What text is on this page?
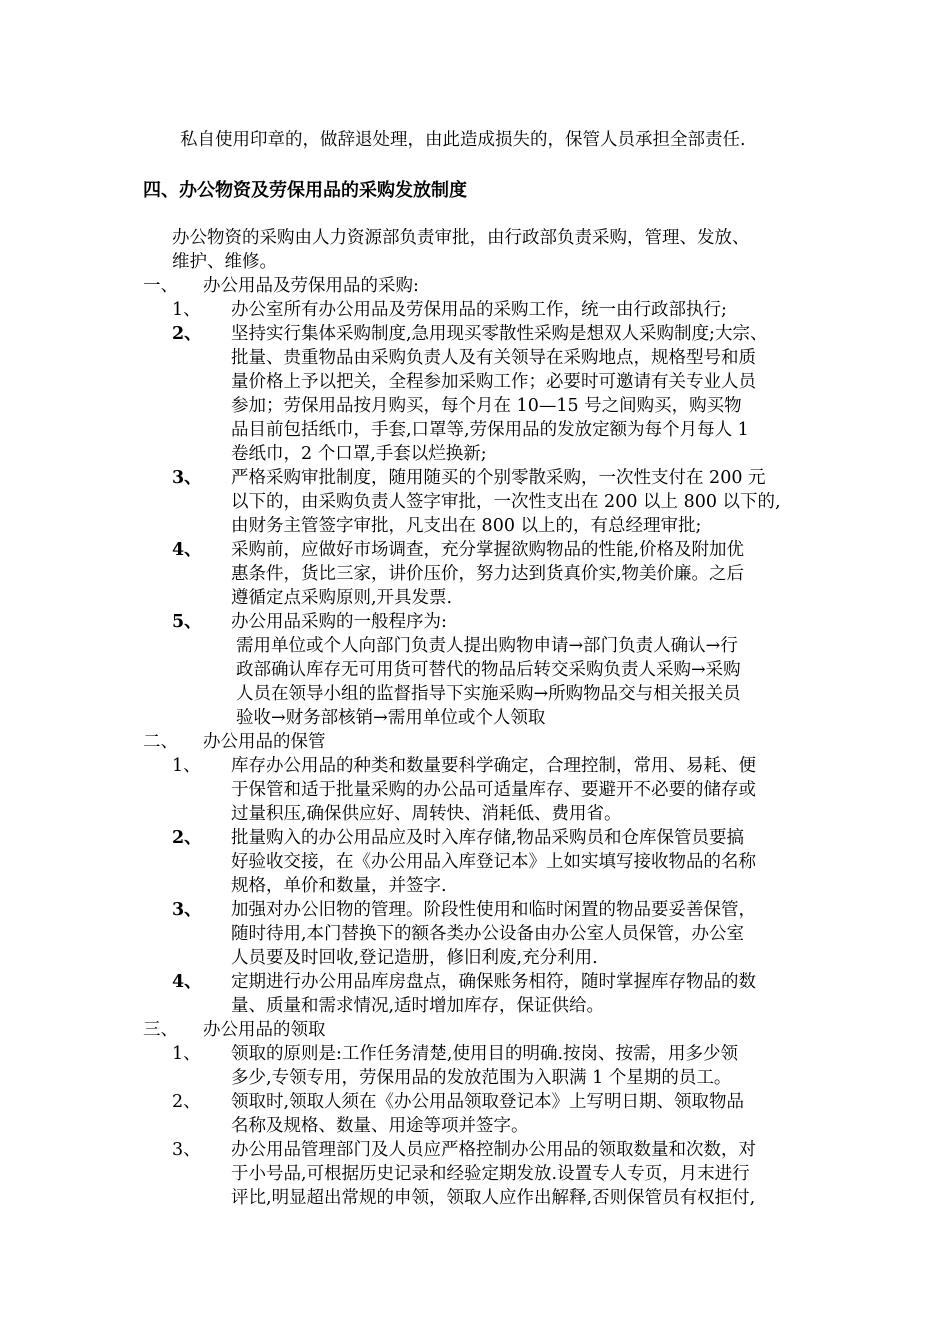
私自使用印章的，做辞退处理，由此造成损失的，保管人员承担全部责任.
四、办公物资及劳保用品的采购发放制度
办公物资的采购由人力资源部负责审批，由行政部负责采购，管理、发放、
维护、维修。
一、 办公用品及劳保用品的采购:
1、 办公室所有办公用品及劳保用品的采购工作，统一由行政部执行;
2、 坚持实行集体采购制度,急用现买零散性采购是想双人采购制度;大宗、
批量、贵重物品由采购负责人及有关领导在采购地点，规格型号和质
量价格上予以把关，全程参加采购工作；必要时可邀请有关专业人员
参加；劳保用品按月购买，每个月在 10—15 号之间购买，购买物
品目前包括纸巾，手套,口罩等,劳保用品的发放定额为每个月每人 1
卷纸巾，2 个口罩,手套以烂换新;
3、 严格采购审批制度，随用随买的个别零散采购，一次性支付在 200 元
以下的，由采购负责人签字审批，一次性支出在 200 以上 800 以下的,
由财务主管签字审批，凡支出在 800 以上的，有总经理审批;
4、 采购前，应做好市场调查，充分掌握欲购物品的性能,价格及附加优
惠条件，货比三家，讲价压价，努力达到货真价实,物美价廉。之后
遵循定点采购原则,开具发票.
5、 办公用品采购的一般程序为:
需用单位或个人向部门负责人提出购物申请→部门负责人确认→行
政部确认库存无可用货可替代的物品后转交采购负责人采购→采购
人员在领导小组的监督指导下实施采购→所购物品交与相关报关员
验收→财务部核销→需用单位或个人领取
二、 办公用品的保管
1、 库存办公用品的种类和数量要科学确定，合理控制，常用、易耗、便
于保管和适于批量采购的办公品可适量库存、要避开不必要的储存或
过量积压,确保供应好、周转快、消耗低、费用省。
2、 批量购入的办公用品应及时入库存储,物品采购员和仓库保管员要搞
好验收交接，在《办公用品入库登记本》上如实填写接收物品的名称
规格，单价和数量，并签字.
3、 加强对办公旧物的管理。阶段性使用和临时闲置的物品要妥善保管，
随时待用,本门替换下的额各类办公设备由办公室人员保管，办公室
人员要及时回收,登记造册，修旧利废,充分利用.
4、 定期进行办公用品库房盘点，确保账务相符，随时掌握库存物品的数
量、质量和需求情况,适时增加库存，保证供给。
三、 办公用品的领取
1、 领取的原则是:工作任务清楚,使用目的明确.按岗、按需，用多少领
多少,专领专用，劳保用品的发放范围为入职满 1 个星期的员工。
2、 领取时,领取人须在《办公用品领取登记本》上写明日期、领取物品
名称及规格、数量、用途等项并签字。
3、 办公用品管理部门及人员应严格控制办公用品的领取数量和次数，对
于小号品,可根据历史记录和经验定期发放.设置专人专页，月末进行
评比,明显超出常规的申领，领取人应作出解释,否则保管员有权拒付,
